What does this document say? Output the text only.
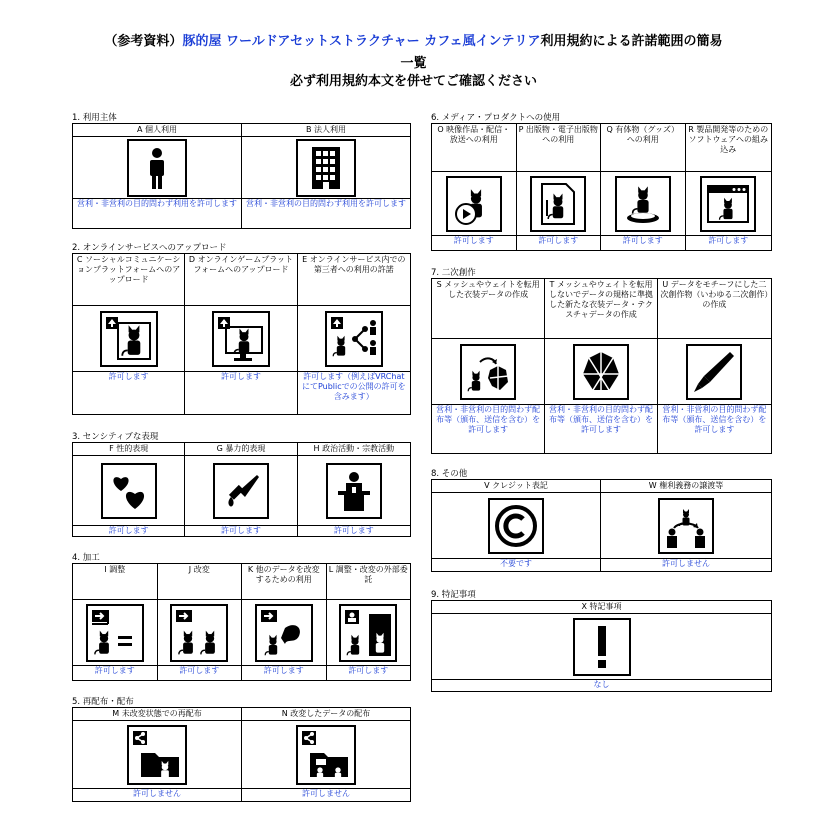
（参考資料）豚的屋 ワールドアセットストラクチャー カフェ風インテリア利用規約による許諾範囲の簡易
一覧
必ず利用規約本文を併せてご確認ください
1. 利用主体
A 個人利用
営利・非営利の目的問わず利用を許可します
B 法人利用
営利・非営利の目的問わず利用を許可します
2. オンラインサービスへのアップロード
C ソーシャルコミュニケーションプラットフォームへのアップロード
許可します
D オンラインゲームプラットフォームへのアップロード
許可します
E オンラインサービス内での第三者への利用の許諾
許可します（例えばVRChatにてPublicでの公開の許可を含みます）
3. センシティブな表現
F 性的表現
許可します
G 暴力的表現
許可します
H 政治活動・宗教活動
許可します
4. 加工
I 調整
許可します
J 改変
許可します
K 他のデータを改変するための利用
許可します
L 調整・改変の外部委託
許可します
5. 再配布・配布
M 未改変状態での再配布
許可しません
N 改変したデータの配布
許可しません
6. メディア・プロダクトへの使用
O 映像作品・配信・放送への利用
許可します
P 出版物・電子出版物への利用
許可します
Q 有体物（グッズ）への利用
許可します
R 製品開発等のためのソフトウェアへの組み込み
許可します
7. 二次創作
S メッシュやウェイトを転用した衣装データの作成
営利・非営利の目的問わず配布等（頒布、送信を含む）を許可します
T メッシュやウェイトを転用しないでデータの規格に準拠した新たな衣装データ・テクスチャデータの作成
営利・非営利の目的問わず配布等（頒布、送信を含む）を許可します
U データをモチーフにした二次創作物（いわゆる二次創作）の作成
営利・非営利の目的問わず配布等（頒布、送信を含む）を許可します
8. その他
V クレジット表記
不要です
W 権利義務の譲渡等
許可しません
9. 特記事項
X 特記事項
なし
